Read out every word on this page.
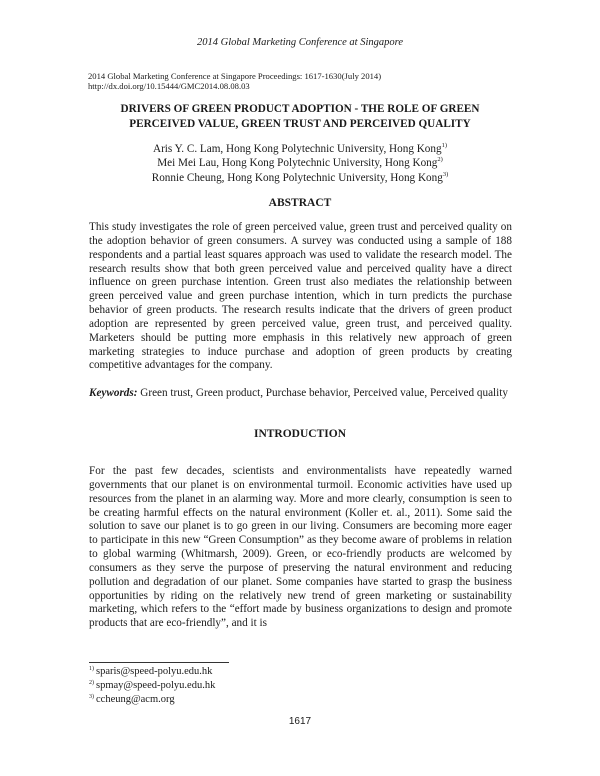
2014 Global Marketing Conference at Singapore
2014 Global Marketing Conference at Singapore Proceedings: 1617-1630(July 2014)
http://dx.doi.org/10.15444/GMC2014.08.08.03
DRIVERS OF GREEN PRODUCT ADOPTION - THE ROLE OF GREEN
PERCEIVED VALUE, GREEN TRUST AND PERCEIVED QUALITY
Aris Y. C. Lam, Hong Kong Polytechnic University, Hong Kong$^{1)}$
Mei Mei Lau, Hong Kong Polytechnic University, Hong Kong$^{2)}$
Ronnie Cheung, Hong Kong Polytechnic University, Hong Kong$^{3)}$
ABSTRACT

This study investigates the role of green perceived value, green trust and perceived quality on the adoption behavior of green consumers. A survey was conducted using a sample of 188 respondents and a partial least squares approach was used to validate the research model. The research results show that both green perceived value and perceived quality have a direct influence on green purchase intention. Green trust also mediates the relationship between green perceived value and green purchase intention, which in turn predicts the purchase behavior of green products. The research results indicate that the drivers of green product adoption are represented by green perceived value, green trust, and perceived quality. Marketers should be putting more emphasis in this relatively new approach of green marketing strategies to induce purchase and adoption of green products by creating competitive advantages for the company.

Keywords: Green trust, Green product, Purchase behavior, Perceived value, Perceived quality

INTRODUCTION

For the past few decades, scientists and environmentalists have repeatedly warned governments that our planet is on environmental turmoil. Economic activities have used up resources from the planet in an alarming way. More and more clearly, consumption is seen to be creating harmful effects on the natural environment (Koller et. al., 2011). Some said the solution to save our planet is to go green in our living. Consumers are becoming more eager to participate in this new “Green Consumption” as they become aware of problems in relation to global warming (Whitmarsh, 2009). Green, or eco-friendly products are welcomed by consumers as they serve the purpose of preserving the natural environment and reducing pollution and degradation of our planet. Some companies have started to grasp the business opportunities by riding on the relatively new trend of green marketing or sustainability marketing, which refers to the “effort made by business organizations to design and promote products that are eco-friendly”, and it is

$^{1)}$ sparis@speed-polyu.edu.hk
$^{2)}$ spmay@speed-polyu.edu.hk
$^{3)}$ ccheung@acm.org
1617
